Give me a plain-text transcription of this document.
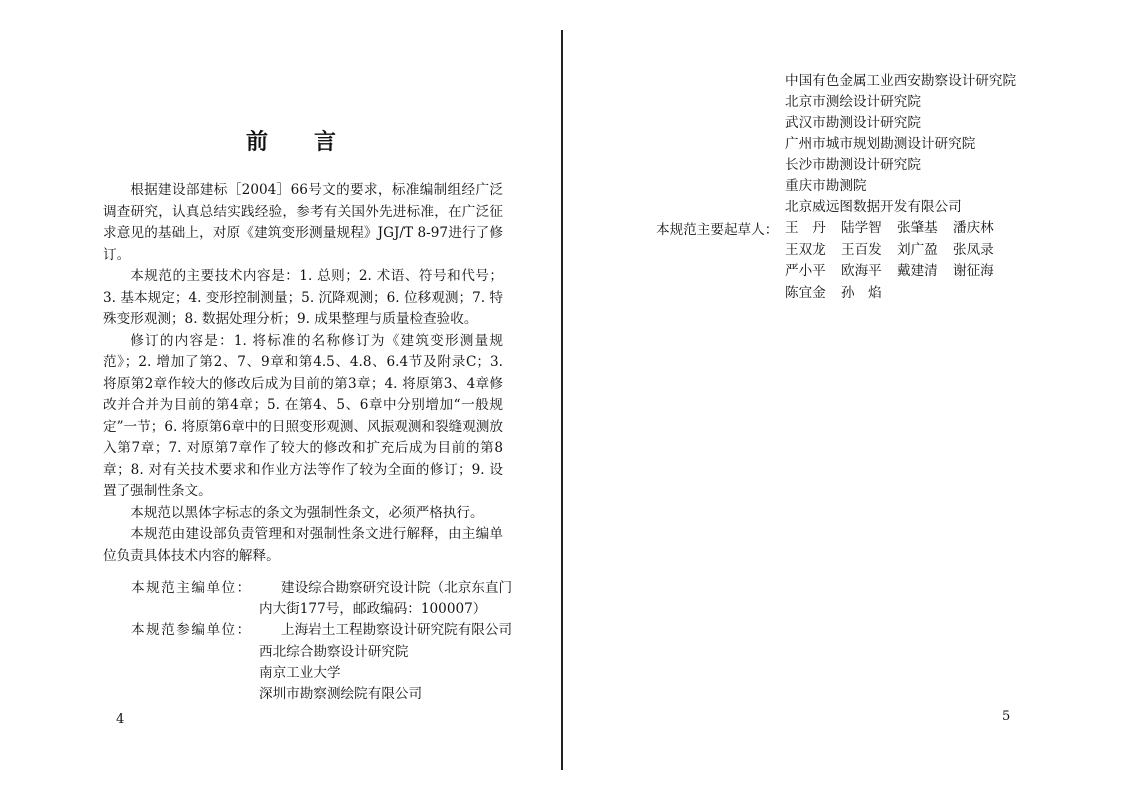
前言

根据建设部建标［2004］66号文的要求，标准编制组经广泛调查研究，认真总结实践经验，参考有关国外先进标准，在广泛征求意见的基础上，对原《建筑变形测量规程》JGJ/T 8-97进行了修订。

本规范的主要技术内容是：1. 总则；2. 术语、符号和代号；3. 基本规定；4. 变形控制测量；5. 沉降观测；6. 位移观测；7. 特殊变形观测；8. 数据处理分析；9. 成果整理与质量检查验收。

修订的内容是：1. 将标准的名称修订为《建筑变形测量规范》；2. 增加了第2、7、9章和第4.5、4.8、6.4节及附录C；3. 将原第2章作较大的修改后成为目前的第3章；4. 将原第3、4章修改并合并为目前的第4章；5. 在第4、5、6章中分别增加“一般规定”一节；6. 将原第6章中的日照变形观测、风振观测和裂缝观测放入第7章；7. 对原第7章作了较大的修改和扩充后成为目前的第8章；8. 对有关技术要求和作业方法等作了较为全面的修订；9. 设置了强制性条文。

本规范以黑体字标志的条文为强制性条文，必须严格执行。

本规范由建设部负责管理和对强制性条文进行解释，由主编单位负责具体技术内容的解释。

本规范主编单位： 建设综合勘察研究设计院（北京东直门
内大街177号，邮政编码：100007）
本规范参编单位： 上海岩土工程勘察设计研究院有限公司
西北综合勘察设计研究院
南京工业大学
深圳市勘察测绘院有限公司
4
中国有色金属工业西安勘察设计研究院
北京市测绘设计研究院
武汉市勘测设计研究院
广州市城市规划勘测设计研究院
长沙市勘测设计研究院
重庆市勘测院
北京威远图数据开发有限公司
本规范主要起草人： 王　丹 陆学智 张肇基 潘庆林
王双龙 王百发 刘广盈 张凤录
严小平 欧海平 戴建清 谢征海
陈宜金 孙　焰
5
